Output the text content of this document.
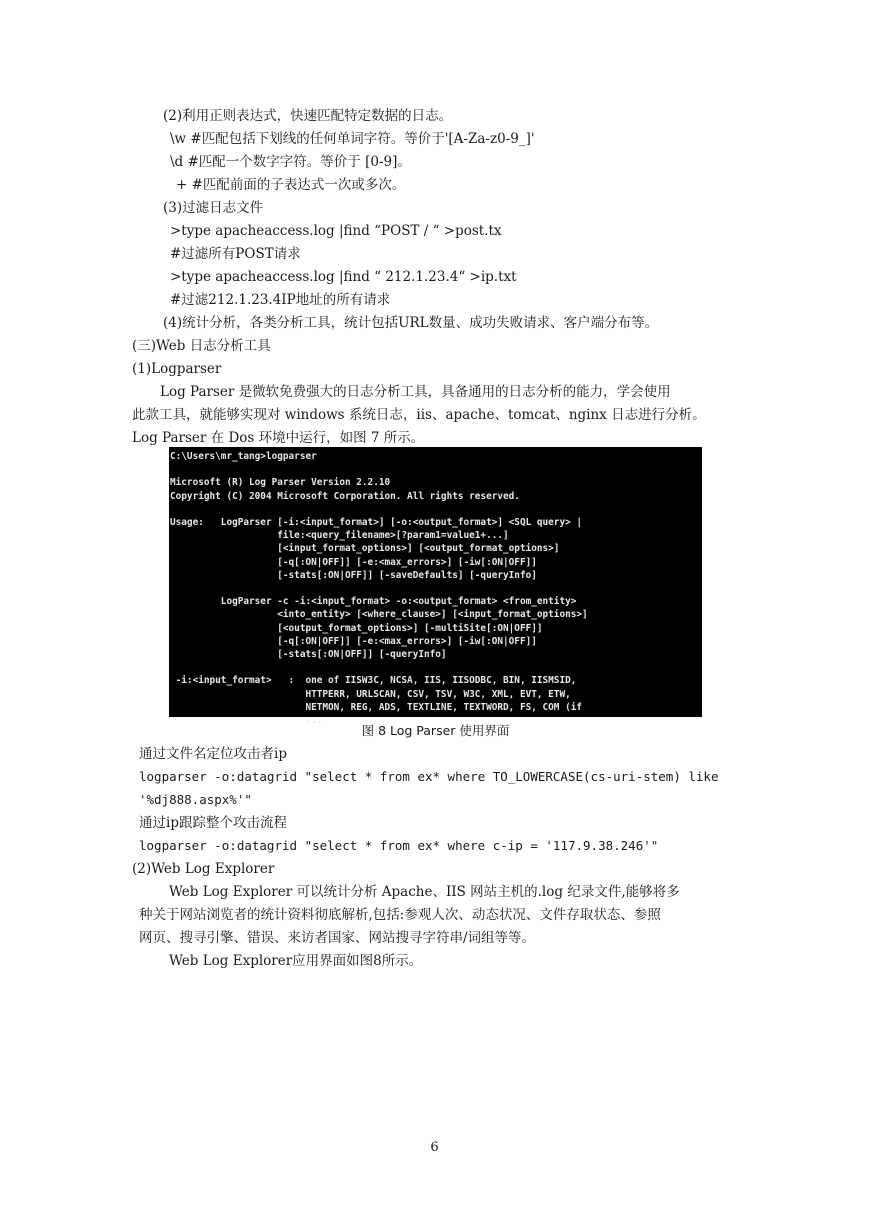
(2)利用正则表达式，快速匹配特定数据的日志。
\w #匹配包括下划线的任何单词字符。等价于'[A-Za-z0-9_]'
\d #匹配一个数字字符。等价于 [0-9]。
+ #匹配前面的子表达式一次或多次。
(3)过滤日志文件
>type apacheaccess.log |find “POST / “ >post.tx
#过滤所有POST请求
>type apacheaccess.log |find “ 212.1.23.4“ >ip.txt
#过滤212.1.23.4IP地址的所有请求
(4)统计分析，各类分析工具，统计包括URL数量、成功失败请求、客户端分布等。
(三)Web 日志分析工具
(1)Logparser
Log Parser 是微软免费强大的日志分析工具，具备通用的日志分析的能力，学会使用
此款工具，就能够实现对 windows 系统日志，iis、apache、tomcat、nginx 日志进行分析。
Log Parser 在 Dos 环境中运行，如图 7 所示。
C:\Users\mr_tang>logparser

Microsoft (R) Log Parser Version 2.2.10
Copyright (C) 2004 Microsoft Corporation. All rights reserved.

Usage:   LogParser [-i:<input_format>] [-o:<output_format>] <SQL query> |
file:<query_filename>[?param1=value1+...]
[<input_format_options>] [<output_format_options>]
[-q[:ON|OFF]] [-e:<max_errors>] [-iw[:ON|OFF]]
[-stats[:ON|OFF]] [-saveDefaults] [-queryInfo]

LogParser -c -i:<input_format> -o:<output_format> <from_entity>
<into_entity> [<where_clause>] [<input_format_options>]
[<output_format_options>] [-multiSite[:ON|OFF]]
[-q[:ON|OFF]] [-e:<max_errors>] [-iw[:ON|OFF]]
[-stats[:ON|OFF]] [-queryInfo]

-i:<input_format>   :  one of IISW3C, NCSA, IIS, IISODBC, BIN, IISMSID,
HTTPERR, URLSCAN, CSV, TSV, W3C, XML, EVT, ETW,
NETMON, REG, ADS, TEXTLINE, TEXTWORD, FS, COM (if
...
图 8 Log Parser 使用界面
通过文件名定位攻击者ip
logparser -o:datagrid "select * from ex* where TO_LOWERCASE(cs-uri-stem) like
'%dj888.aspx%'"
通过ip跟踪整个攻击流程
logparser -o:datagrid "select * from ex* where c-ip = '117.9.38.246'"
(2)Web Log Explorer
Web Log Explorer 可以统计分析 Apache、IIS 网站主机的.log 纪录文件,能够将多
种关于网站浏览者的统计资料彻底解析,包括:参观人次、动态状况、文件存取状态、参照
网页、搜寻引擎、错误、来访者国家、网站搜寻字符串/词组等等。
Web Log Explorer应用界面如图8所示。
6
